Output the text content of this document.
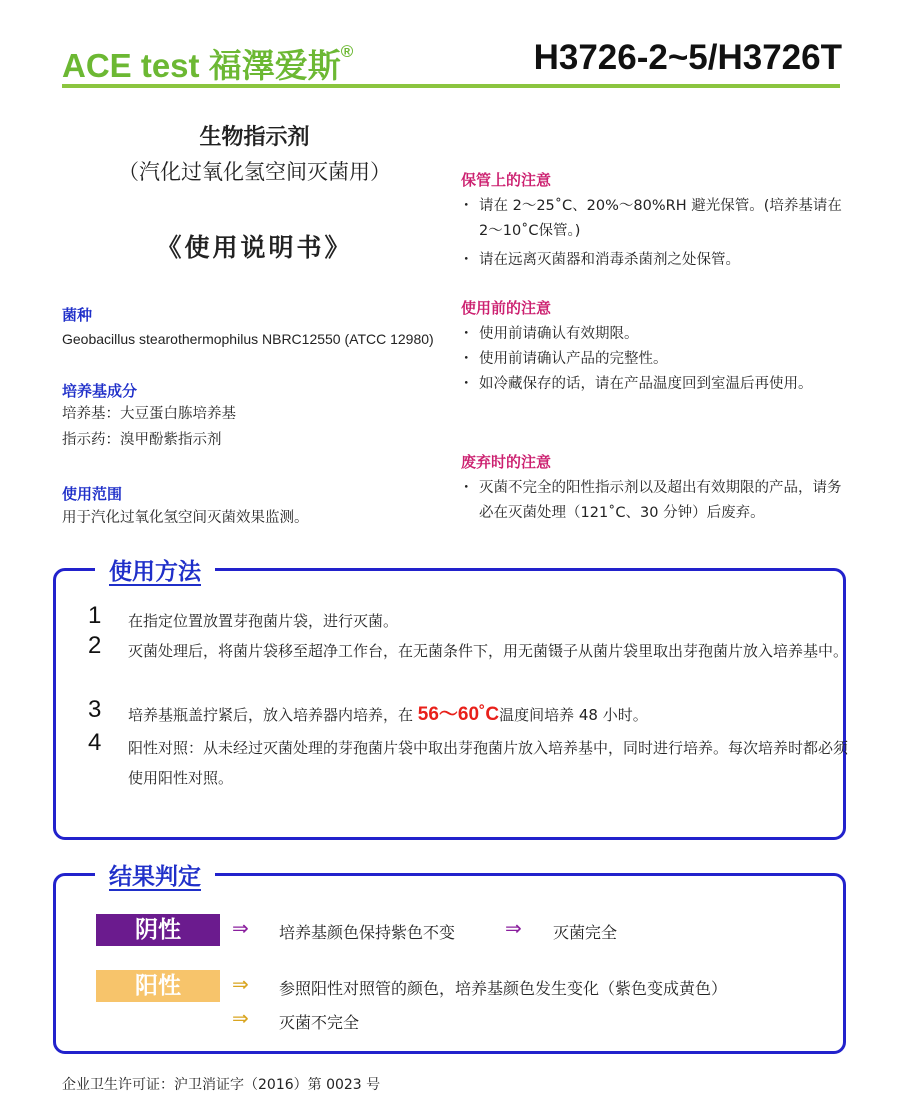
ACE test 福澤爱斯®	H3726-2~5/H3726T
生物指示剂
（汽化过氧化氢空间灭菌用）
《使用说明书》
菌种
Geobacillus stearothermophilus NBRC12550 (ATCC 12980)
培养基成分
培养基：大豆蛋白胨培养基
指示药：溴甲酚紫指示剂
使用范围
用于汽化过氧化氢空间灭菌效果监测。
保管上的注意
・ 请在 2～25˚C、20%～80%RH 避光保管。(培养基请在 2～10˚C保管。)
・ 请在远离灭菌器和消毒杀菌剂之处保管。
使用前的注意
・ 使用前请确认有效期限。
・ 使用前请确认产品的完整性。
・ 如冷藏保存的话，请在产品温度回到室温后再使用。
废弃时的注意
・ 灭菌不完全的阳性指示剂以及超出有效期限的产品，请务必在灭菌处理（121˚C、30 分钟）后废弃。
使用方法
1 在指定位置放置芽孢菌片袋，进行灭菌。
2 灭菌处理后，将菌片袋移至超净工作台，在无菌条件下，用无菌镊子从菌片袋里取出芽孢菌片放入培养基中。
3 培养基瓶盖拧紧后，放入培养器内培养，在 56～60˚C温度间培养 48 小时。
4 阳性对照：从未经过灭菌处理的芽孢菌片袋中取出芽孢菌片放入培养基中，同时进行培养。每次培养时都必须使用阳性对照。
结果判定
阴性	⇒ 培养基颜色保持紫色不变 ⇒ 灭菌完全
阳性	⇒ 参照阳性对照管的颜色，培养基颜色发生变化（紫色变成黄色）
⇒ 灭菌不完全
企业卫生许可证：沪卫消证字（2016）第 0023 号
